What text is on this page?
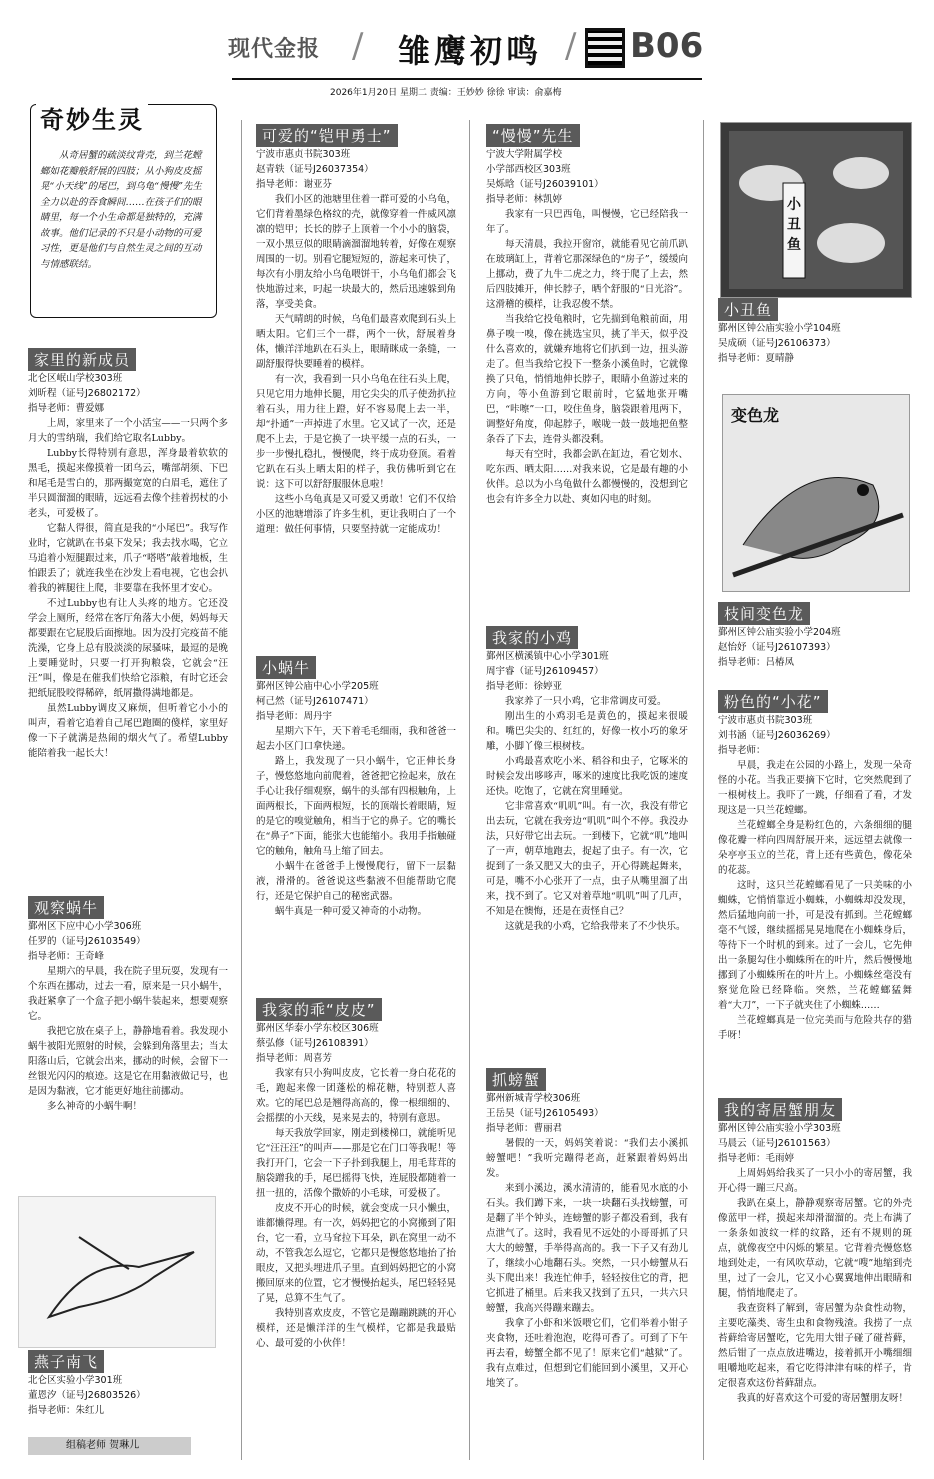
现代金报 / 雏鹰初鸣 / B06
2026年1月20日 星期二 责编：王妙妙 徐徐 审读：俞嘉梅
奇妙生灵
从奇居蟹的疏淡纹背壳，到兰花螳螂如花瓣般舒展的四肢；从小狗皮皮摇晃“小天线”的尾巴，到乌龟“慢慢”先生全力以赴的吞食瞬间……在孩子们的眼睛里，每一个小生命都是独特的，充满故事。他们记录的不只是小动物的可爱习性，更是他们与自然生灵之间的互动与情感联结。
家里的新成员
北仑区岷山学校303班
刘昕程（证号J26802172）
指导老师：曹爱娜

上周，家里来了一个小活宝——一只两个多月大的雪纳瑞，我们给它取名Lubby。

Lubby长得特别有意思，浑身最着软软的黑毛，摸起来像摸着一团乌云，嘴部胡须、下巴和尾毛是雪白的，那两撮宽宽的白眉毛，遮住了半只圆溜溜的眼睛，远远看去像个挂着拐杖的小老头，可爱极了。

它黏人得很，简直是我的“小尾巴”。我写作业时，它就趴在书桌下发呆；我去找水喝，它立马追着小短腿跟过来，爪子“嗒嗒”敲着地板，生怕跟丢了；就连我坐在沙发上看电视，它也会扒着我的裤腿往上爬，非要靠在我怀里才安心。

不过Lubby也有让人头疼的地方。它还没学会上厕所，经常在客厅角落大小便，妈妈每天都要跟在它屁股后面擦地。因为没打完疫苗不能洗澡，它身上总有股淡淡的尿骚味，最逗的是晚上要睡觉时，只要一打开狗粮袋，它就会“汪汪”叫，像是在催我们快给它添粮，有时它还会把纸屁股咬得稀碎，纸屑撒得满地都是。

虽然Lubby调皮又麻烦，但听着它小小的叫声，看着它追着自己尾巴跑圈的傻样，家里好像一下子就满是热闹的烟火气了。希望Lubby能陪着我一起长大！

观察蜗牛
鄞州区下应中心小学306班
任罗的（证号J26103549）
指导老师：王奇峰

星期六的早晨，我在院子里玩耍，发现有一个东西在挪动，过去一看，原来是一只小蜗牛，我赶紧拿了一个盒子把小蜗牛装起来，想要观察它。

我把它放在桌子上，静静地看着。我发现小蜗牛被阳光照射的时候，会躲到角落里去；当太阳落山后，它就会出来，挪动的时候，会留下一丝银光闪闪的痕迹。这是它在用黏液做记号，也是因为黏液，它才能更好地往前挪动。

多么神奇的小蜗牛啊！

可爱的“铠甲勇士”
宁波市惠贞书院303班
赵青轶（证号J26037354）
指导老师：谢亚芬

我们小区的池塘里住着一群可爱的小乌龟，它们背着墨绿色格纹的壳，就像穿着一件威风凛凛的铠甲；长长的脖子上顶着一个小小的脑袋，一双小黑豆似的眼睛滴溜溜地转着，好像在观察周围的一切。别看它腿短短的，游起来可快了，每次有小朋友给小乌龟喂饼干，小乌龟们都会飞快地游过来，叼起一块最大的，然后迅速躲到角落，享受美食。

天气晴朗的时候，乌龟们最喜欢爬到石头上晒太阳。它们三个一群，两个一伙，舒展着身体，懒洋洋地趴在石头上，眼睛眯成一条缝，一副舒服得快要睡着的模样。

有一次，我看到一只小乌龟在往石头上爬，只见它用力地伸长腿，用它尖尖的爪子使劲扒拉着石头，用力往上蹬，好不容易爬上去一半，却“扑通”一声掉进了水里。它又试了一次，还是爬不上去，于是它换了一块平缓一点的石头，一步一步慢扎稳扎，慢慢爬，终于成功登顶。看着它趴在石头上晒太阳的样子，我仿佛听到它在说：这下可以舒舒服服休息啦！

这些小乌龟真是又可爱又勇敢！它们不仅给小区的池塘增添了许多生机，更让我明白了一个道理：做任何事情，只要坚持就一定能成功！

小蜗牛
鄞州区钟公庙中心小学205班
柯己然（证号J26107471）
指导老师：周丹宇

星期六下午，天下着毛毛细雨，我和爸爸一起去小区门口拿快递。

路上，我发现了一只小蜗牛，它正伸长身子，慢悠悠地向前爬着，爸爸把它捡起来，放在手心让我仔细观察，蜗牛的头部有四根触角，上面两根长，下面两根短，长的顶端长着眼睛，短的是它的嗅觉触角，相当于它的鼻子。它的嘴长在“鼻子”下面，能张大也能缩小。我用手指触碰它的触角，触角马上缩了回去。

小蜗牛在爸爸手上慢慢爬行，留下一层黏液，滑滑的。爸爸说这些黏液不但能帮助它爬行，还是它保护自己的秘密武器。

蜗牛真是一种可爱又神奇的小动物。

我家的乖“皮皮”
鄞州区华泰小学东校区306班
蔡弘修（证号J26108391）
指导老师：周喜芳

我家有只小狗叫皮皮，它长着一身白花花的毛，跑起来像一团蓬松的棉花糖，特别惹人喜欢。它的尾巴总是翘得高高的，像一根细细的、会摇摆的小天线，晃来晃去的，特别有意思。

每天我放学回家，刚走到楼梯口，就能听见它“汪汪汪”的叫声——那是它在门口等我呢！等我打开门，它会一下子扑到我腿上，用毛茸茸的脑袋蹭我的手，尾巴摇得飞快，连屁股都随着一扭一扭的，活像个撒娇的小毛球，可爱极了。

皮皮不开心的时候，就会变成一只小懒虫，谁都懒得理。有一次，妈妈把它的小窝搬到了阳台，它一看，立马耷拉下耳朵，趴在窝里一动不动，不管我怎么逗它，它都只是慢悠悠地抬了抬眼皮，又把头埋进爪子里。直到妈妈把它的小窝搬回原来的位置，它才慢慢抬起头，尾巴轻轻晃了晃，总算不生气了。

我特别喜欢皮皮，不管它是蹦蹦跳跳的开心模样，还是懒洋洋的生气模样，它都是我最贴心、最可爱的小伙伴！

“慢慢”先生
宁波大学附属学校
小学部西校区303班
吴烁晗（证号J26039101）
指导老师：林凯婷

我家有一只巴西龟，叫慢慢，它已经陪我一年了。

每天清晨，我拉开窗帘，就能看见它前爪趴在玻璃缸上，背着它那深绿色的“房子”，缓缓向上挪动，费了九牛二虎之力，终于爬了上去，然后四肢摊开，伸长脖子，晒个舒服的“日光浴”。这滑稽的模样，让我忍俊不禁。

当我给它投龟粮时，它先揣到龟粮前面，用鼻子嗅一嗅，像在挑选宝贝，挑了半天，似乎没什么喜欢的，就嫌弃地将它们扒到一边，扭头游走了。但当我给它投下一整条小溪鱼时，它就像换了只龟，悄悄地伸长脖子，眼睛小鱼游过来的方向，等小鱼游到它眼前时，它猛地张开嘴巴，“咔嚓”一口，咬住鱼身，脑袋跟着甩两下，调整好角度，仰起脖子，喉咙一鼓一鼓地把鱼整条吞了下去，连骨头都没剩。

每天有空时，我都会趴在缸边，看它划水、吃东西、晒太阳……对我来说，它是最有趣的小伙伴。总以为小乌龟做什么都慢慢的，没想到它也会有许多全力以赴、爽如闪电的时刻。

我家的小鸡
鄞州区横溪镇中心小学301班
周宇睿（证号J26109457）
指导老师：徐婷亚

我家养了一只小鸡，它非常调皮可爱。

刚出生的小鸡羽毛是黄色的，摸起来很暖和。嘴巴尖尖的、红红的，好像一枚小巧的象牙雕，小脚丫像三根树枝。

小鸡最喜欢吃小米、稻谷和虫子，它啄米的时候会发出哆哆声，啄米的速度比我吃饭的速度还快。吃饱了，它就在窝里睡觉。

它非常喜欢“叽叽”叫。有一次，我没有带它出去玩，它就在我旁边“叽叽”叫个不停。我没办法，只好带它出去玩。一到楼下，它就“叽”地叫了一声，朝草地跑去，捉起了虫子。有一次，它捉到了一条又肥又大的虫子，开心得跳起舞来，可是，嘴不小心张开了一点，虫子从嘴里溜了出来，找不到了。它又对着草地“叽叽”叫了几声，不知是在懊悔，还是在责怪自己？

这就是我的小鸡，它给我带来了不少快乐。

抓螃蟹
鄞州新城青学校306班
王岳昊（证号J26105493）
指导老师：曹丽君

暑假的一天，妈妈笑着说：“我们去小溪抓螃蟹吧！”我听完蹦得老高，赶紧跟着妈妈出发。

来到小溪边，溪水清清的，能看见水底的小石头。我们蹲下来，一块一块翻石头找螃蟹，可是翻了半个钟头，连螃蟹的影子都没看到，我有点泄气了。这时，我看见不远处的小哥哥抓了只大大的螃蟹，手举得高高的。我一下子又有劲儿了，继续小心地翻石头。突然，一只小螃蟹从石头下爬出来！我连忙伸手，轻轻按住它的背，把它抓进了桶里。后来我又找到了五只，一共六只螃蟹，我高兴得蹦来蹦去。

我拿了小虾和米饭喂它们，它们举着小钳子夹食物，还吐着泡泡，吃得可香了。可到了下午再去看，螃蟹全都不见了！原来它们“越狱”了。我有点难过，但想到它们能回到小溪里，又开心地笑了。

粉色的“小花”
宁波市惠贞书院303班
刘书涵（证号J26036269）
指导老师：

早晨，我走在公园的小路上，发现一朵奇怪的小花。当我正要摘下它时，它突然爬到了一根树枝上。我吓了一跳，仔细看了看，才发现这是一只兰花螳螂。

兰花螳螂全身是粉红色的，六条细细的腿像花瓣一样向四周舒展开来，远远望去就像一朵亭亭玉立的兰花，背上还有些黄色，像花朵的花蕊。

这时，这只兰花螳螂看见了一只美味的小蜘蛛，它悄悄靠近小蜘蛛，小蜘蛛却没发现，然后猛地向前一扑，可是没有抓到。兰花螳螂毫不气馁，继续摇摇晃晃地爬在小蜘蛛身后，等待下一个时机的到来。过了一会儿，它先伸出一条腿勾住小蜘蛛所在的叶片，然后慢慢地挪到了小蜘蛛所在的叶片上。小蜘蛛丝毫没有察觉危险已经降临。突然，兰花螳螂猛舞着“大刀”，一下子就夹住了小蜘蛛……

兰花螳螂真是一位完美而与危险共存的猎手呀！

我的寄居蟹朋友
鄞州区钟公庙实验小学303班
马晨云（证号J26101563）
指导老师：毛雨婷

上周妈妈给我买了一只小小的寄居蟹，我开心得一蹦三尺高。

我趴在桌上，静静观察寄居蟹。它的外壳像蓝甲一样，摸起来却滑溜溜的。壳上布满了一条条如波纹一样的纹路，还有不规则的斑点，就像夜空中闪烁的繁星。它背着壳慢悠悠地到处走，一有风吹草动，它就“嗖”地缩到壳里，过了一会儿，它又小心翼翼地伸出眼睛和腿，悄悄地爬走了。

我查资料了解到，寄居蟹为杂食性动物，主要吃藻类、寄生虫和食物残渣。我捞了一点苔藓给寄居蟹吃，它先用大钳子碰了碰苔藓，然后钳了一点点放进嘴边，接着抓开小嘴细细咀嚼地吃起来，看它吃得津津有味的样子，肯定很喜欢这份苔藓甜点。

我真的好喜欢这个可爱的寄居蟹朋友呀！

小丑鱼
小丑鱼
鄞州区钟公庙实验小学104班
吴成硕（证号J26106373）
指导老师：夏晴静
变色龙
枝间变色龙
鄞州区钟公庙实验小学204班
赵怡妤（证号J26107393）
指导老师：吕椿凤
燕子南飞
北仑区实验小学301班
董恩汐（证号J26803526）
指导老师：朱红儿
组稿老师 贺琳儿
